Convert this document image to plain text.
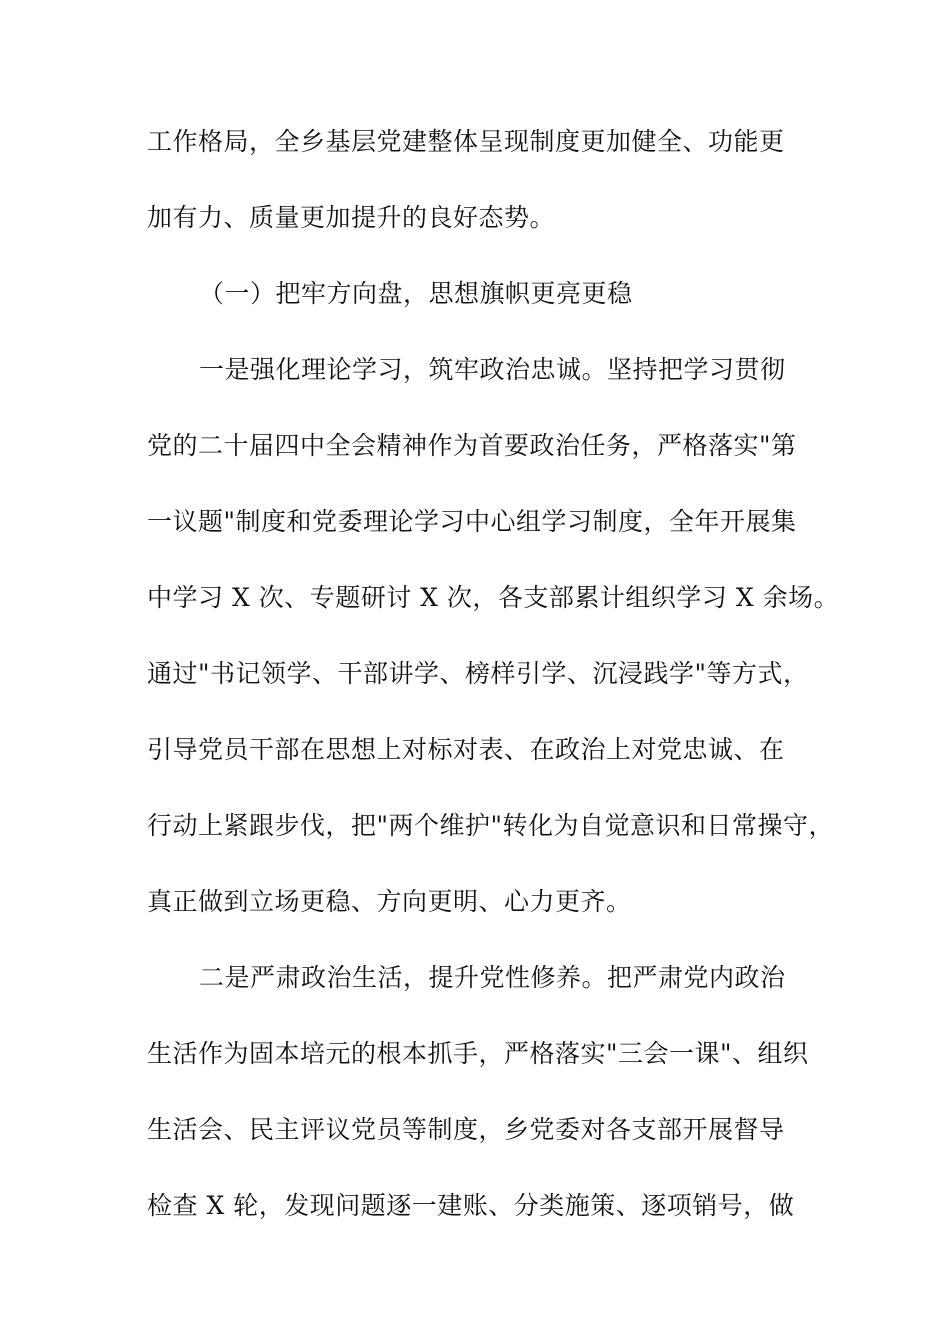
工作格局，全乡基层党建整体呈现制度更加健全、功能更
加有力、质量更加提升的良好态势。
（一）把牢方向盘，思想旗帜更亮更稳
一是强化理论学习，筑牢政治忠诚。坚持把学习贯彻
党的二十届四中全会精神作为首要政治任务，严格落实"第
一议题"制度和党委理论学习中心组学习制度，全年开展集
中学习 X 次、专题研讨 X 次，各支部累计组织学习 X 余场。
通过"书记领学、干部讲学、榜样引学、沉浸践学"等方式，
引导党员干部在思想上对标对表、在政治上对党忠诚、在
行动上紧跟步伐，把"两个维护"转化为自觉意识和日常操守，
真正做到立场更稳、方向更明、心力更齐。
二是严肃政治生活，提升党性修养。把严肃党内政治
生活作为固本培元的根本抓手，严格落实"三会一课"、组织
生活会、民主评议党员等制度，乡党委对各支部开展督导
检查 X 轮，发现问题逐一建账、分类施策、逐项销号，做
